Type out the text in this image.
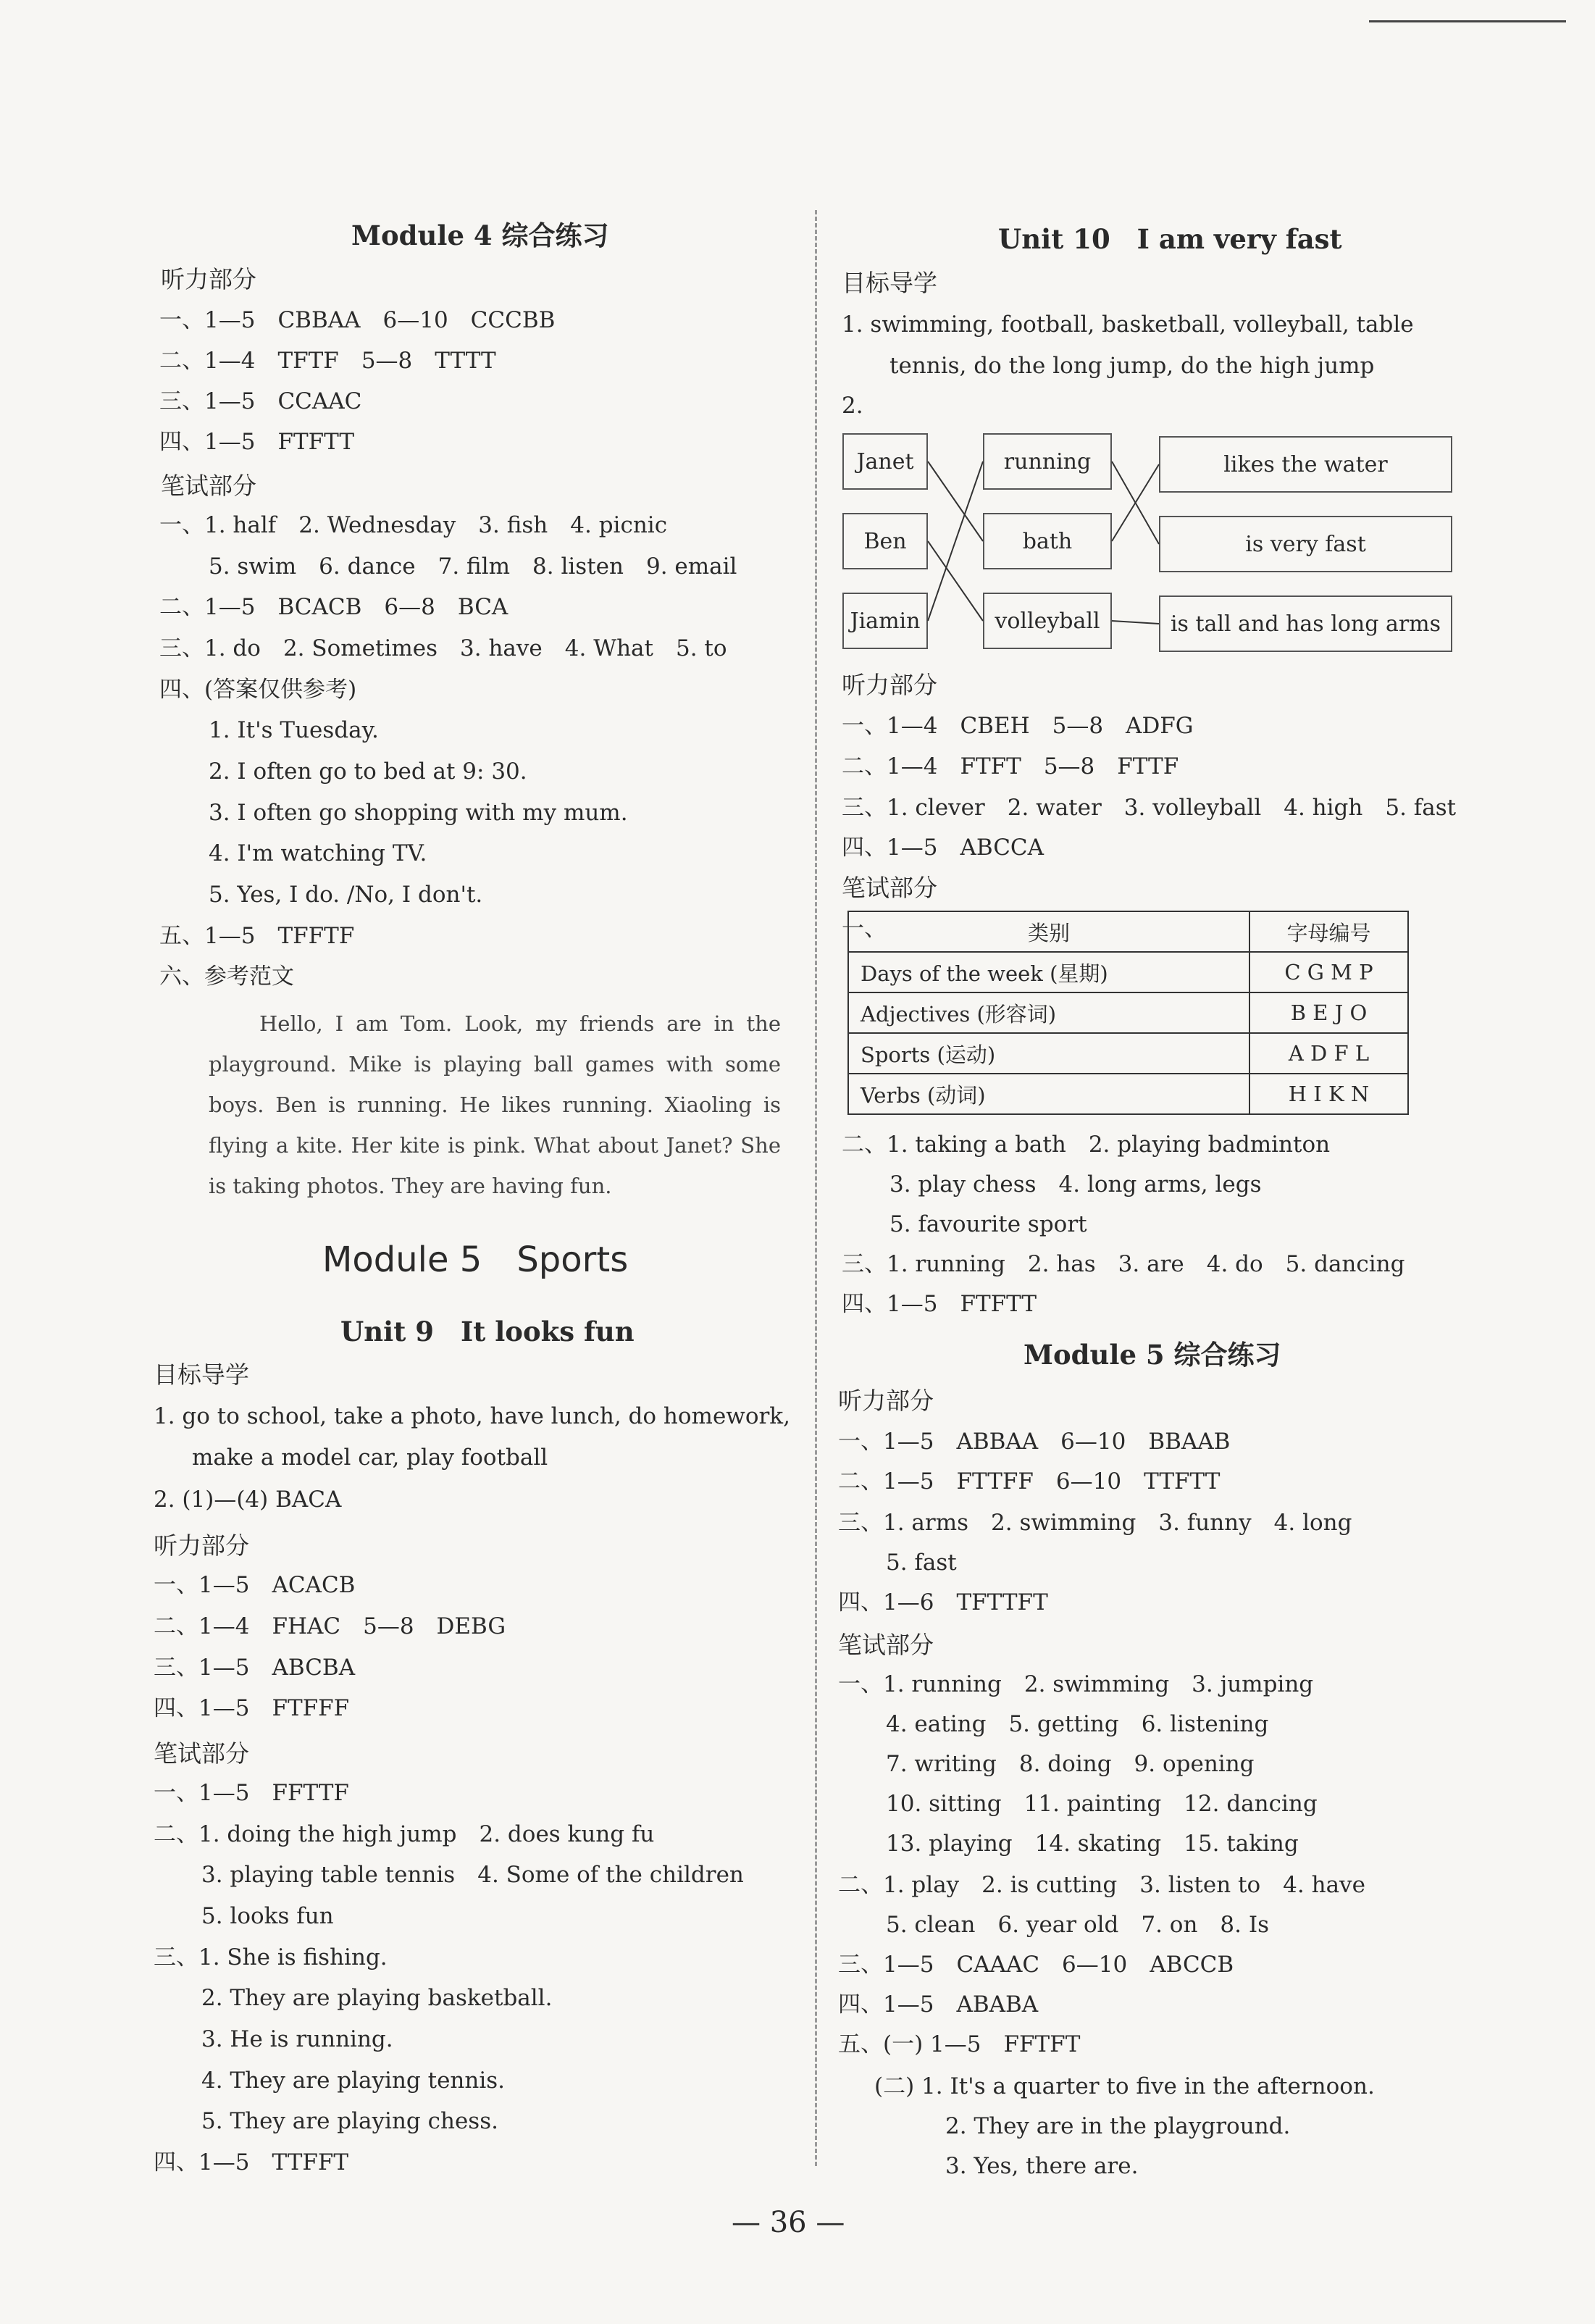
Module 4 综合练习
听力部分
一、1—5　CBBAA　6—10　CCCBB
二、1—4　TFTF　5—8　TTTT
三、1—5　CCAAC
四、1—5　FTFTT
笔试部分
一、1. half　2. Wednesday　3. fish　4. picnic
5. swim　6. dance　7. film　8. listen　9. email
二、1—5　BCACB　6—8　BCA
三、1. do　2. Sometimes　3. have　4. What　5. to
四、(答案仅供参考)
1. It's Tuesday.
2. I often go to bed at 9: 30.
3. I often go shopping with my mum.
4. I'm watching TV.
5. Yes, I do. /No, I don't.
五、1—5　TFFTF
六、参考范文
Hello, I am Tom. Look, my friends are in the playground. Mike is playing ball games with some boys. Ben is running. He likes running. Xiaoling is flying a kite. Her kite is pink. What about Janet? She is taking photos. They are having fun.
Module 5　Sports
Unit 9　It looks fun
目标导学
1. go to school, take a photo, have lunch, do homework,
make a model car, play football
2. (1)—(4) BACA
听力部分
一、1—5　ACACB
二、1—4　FHAC　5—8　DEBG
三、1—5　ABCBA
四、1—5　FTFFF
笔试部分
一、1—5　FFTTF
二、1. doing the high jump　2. does kung fu
3. playing table tennis　4. Some of the children
5. looks fun
三、1. She is fishing.
2. They are playing basketball.
3. He is running.
4. They are playing tennis.
5. They are playing chess.
四、1—5　TTFFT
Unit 10　I am very fast
目标导学
1. swimming, football, basketball, volleyball, table
tennis, do the long jump, do the high jump
2.
Janet
Ben
Jiamin
running
bath
volleyball
likes the water
is very fast
is tall and has long arms
听力部分
一、1—4　CBEH　5—8　ADFG
二、1—4　FTFT　5—8　FTTF
三、1. clever　2. water　3. volleyball　4. high　5. fast
四、1—5　ABCCA
笔试部分
一、	类别	字母编号
Days of the week (星期)	C G M P
Adjectives (形容词)	B E J O
Sports (运动)	A D F L
Verbs (动词)	H I K N
二、1. taking a bath　2. playing badminton
3. play chess　4. long arms, legs
5. favourite sport
三、1. running　2. has　3. are　4. do　5. dancing
四、1—5　FTFTT
Module 5 综合练习
听力部分
一、1—5　ABBAA　6—10　BBAAB
二、1—5　FTTFF　6—10　TTFTT
三、1. arms　2. swimming　3. funny　4. long
5. fast
四、1—6　TFTTFT
笔试部分
一、1. running　2. swimming　3. jumping
4. eating　5. getting　6. listening
7. writing　8. doing　9. opening
10. sitting　11. painting　12. dancing
13. playing　14. skating　15. taking
二、1. play　2. is cutting　3. listen to　4. have
5. clean　6. year old　7. on　8. Is
三、1—5　CAAAC　6—10　ABCCB
四、1—5　ABABA
五、(一) 1—5　FFTFT
(二) 1. It's a quarter to five in the afternoon.
2. They are in the playground.
3. Yes, there are.
— 36 —
